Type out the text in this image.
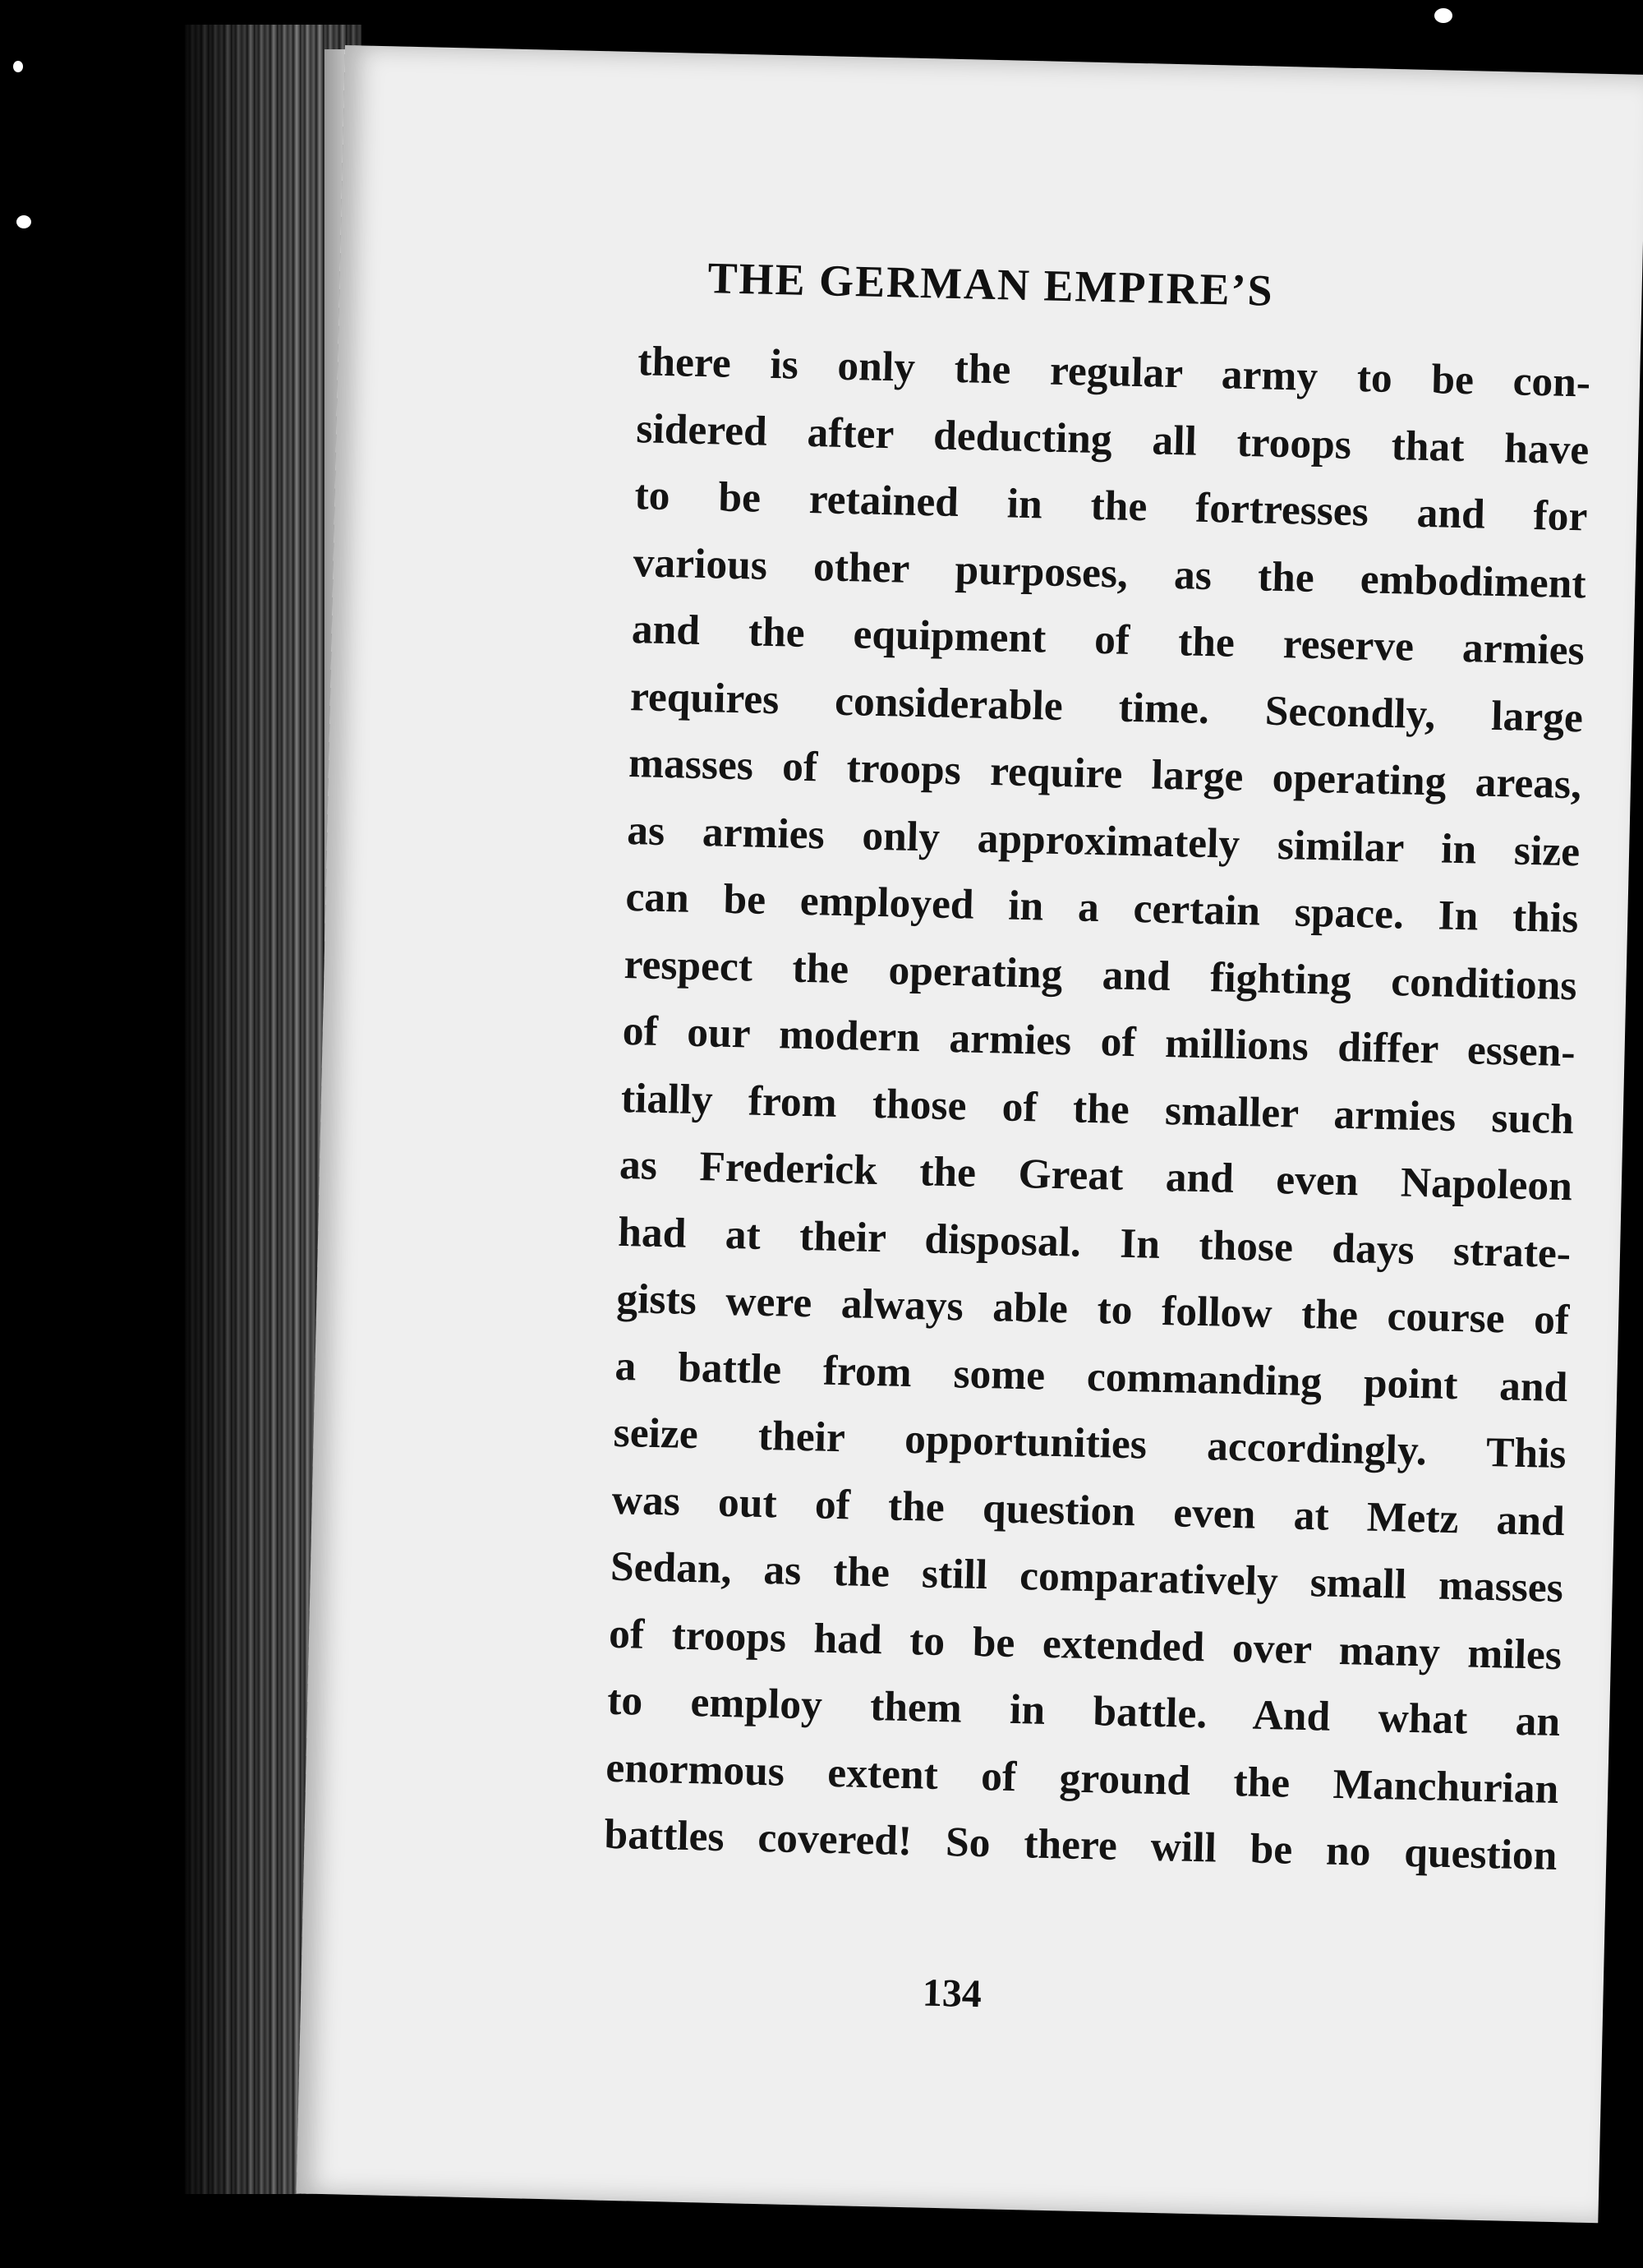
THE GERMAN EMPIRE’S
there is only the regular army to be con-
sidered after deducting all troops that have
to be retained in the fortresses and for
various other purposes, as the embodiment
and the equipment of the reserve armies
requires considerable time. Secondly, large
masses of troops require large operating areas,
as armies only approximately similar in size
can be employed in a certain space. In this
respect the operating and fighting conditions
of our modern armies of millions differ essen-
tially from those of the smaller armies such
as Frederick the Great and even Napoleon
had at their disposal. In those days strate-
gists were always able to follow the course of
a battle from some commanding point and
seize their opportunities accordingly. This
was out of the question even at Metz and
Sedan, as the still comparatively small masses
of troops had to be extended over many miles
to employ them in battle. And what an
enormous extent of ground the Manchurian
battles covered! So there will be no question
134
